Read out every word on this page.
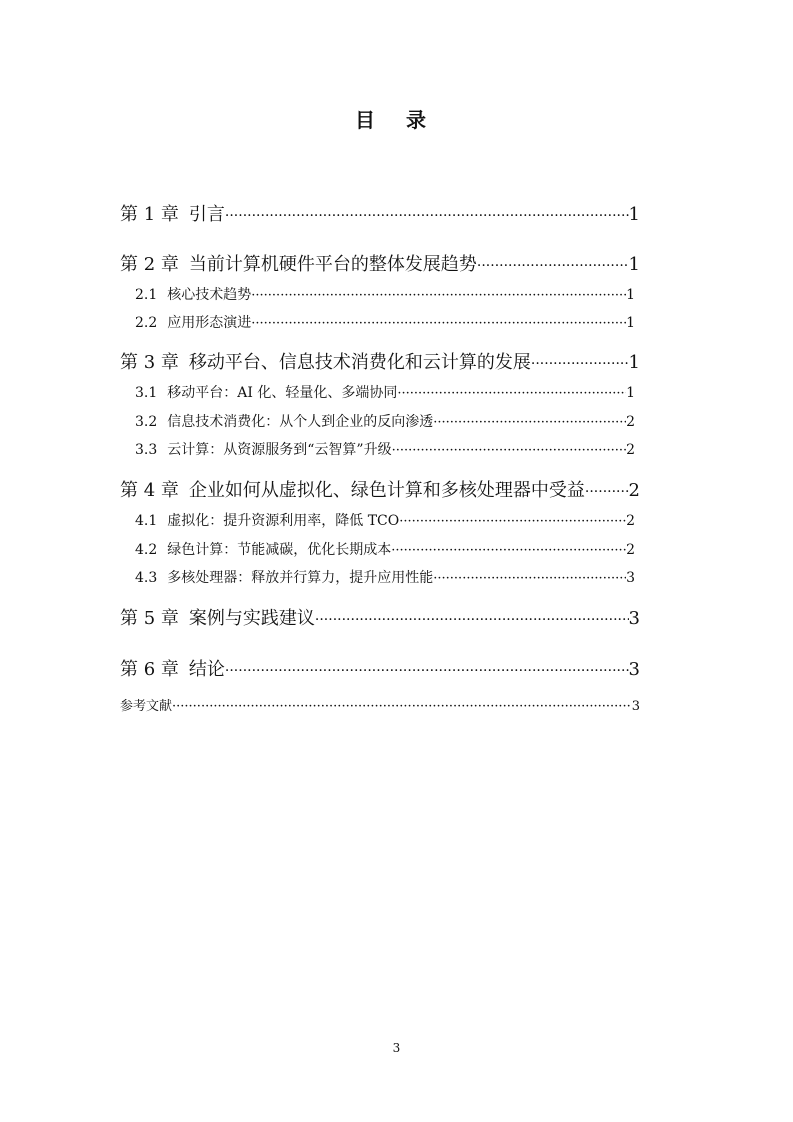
目 录
第 1 章 引言 ·····	1
第 2 章 当前计算机硬件平台的整体发展趋势 ·····	1
2.1 核心技术趋势 ·····	1
2.2 应用形态演进 ·····	1
第 3 章 移动平台、信息技术消费化和云计算的发展 ·····	1
3.1 移动平台：AI 化、轻量化、多端协同 ·····	1
3.2 信息技术消费化：从个人到企业的反向渗透 ·····	2
3.3 云计算：从资源服务到“云智算”升级 ·····	2
第 4 章 企业如何从虚拟化、绿色计算和多核处理器中受益 ····· 2
4.1 虚拟化：提升资源利用率，降低 TCO ·····	2
4.2 绿色计算：节能减碳，优化长期成本 ·····	2
4.3 多核处理器：释放并行算力，提升应用性能 ·····	3
第 5 章 案例与实践建议 ·····	3
第 6 章 结论 ·····	3
参考文献 ·····	3
3
